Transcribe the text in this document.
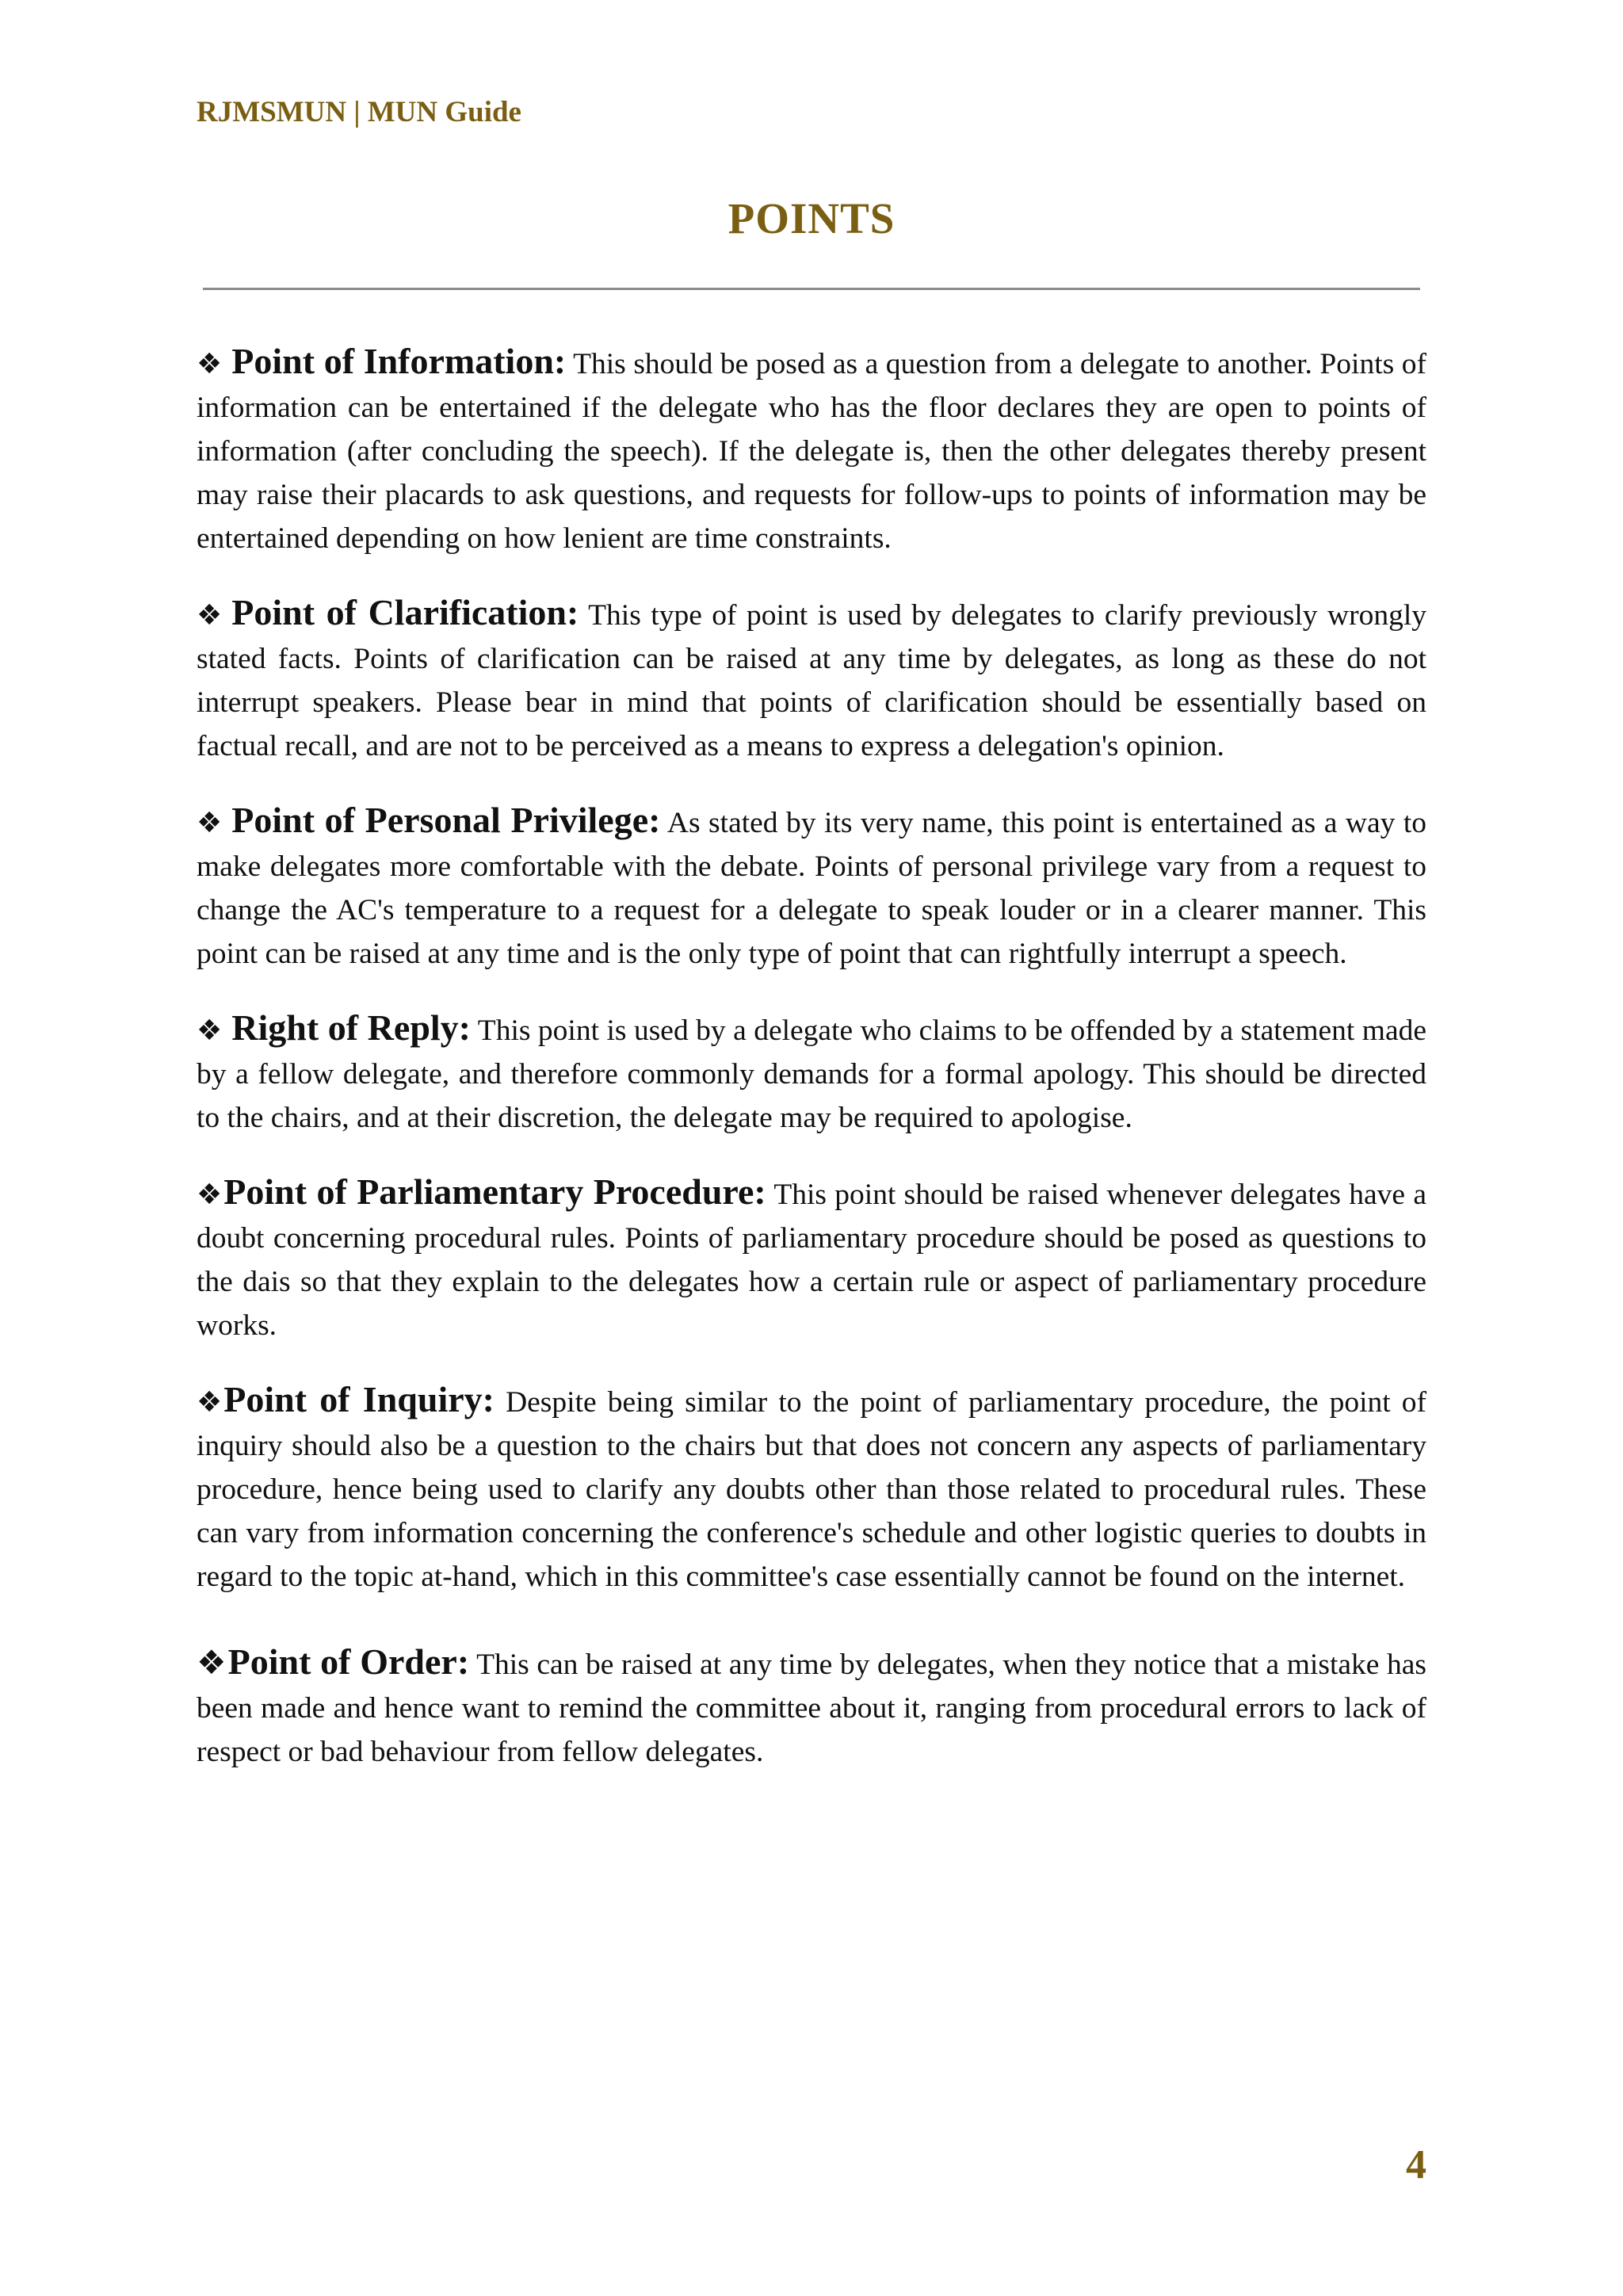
RJMSMUN | MUN Guide

POINTS

❖ Point of Information: This should be posed as a question from a delegate to another. Points of information can be entertained if the delegate who has the floor declares they are open to points of information (after concluding the speech). If the delegate is, then the other delegates thereby present may raise their placards to ask questions, and requests for follow-ups to points of information may be entertained depending on how lenient are time constraints.

❖ Point of Clarification: This type of point is used by delegates to clarify previously wrongly stated facts. Points of clarification can be raised at any time by delegates, as long as these do not interrupt speakers. Please bear in mind that points of clarification should be essentially based on factual recall, and are not to be perceived as a means to express a delegation's opinion.

❖ Point of Personal Privilege: As stated by its very name, this point is entertained as a way to make delegates more comfortable with the debate. Points of personal privilege vary from a request to change the AC's temperature to a request for a delegate to speak louder or in a clearer manner. This point can be raised at any time and is the only type of point that can rightfully interrupt a speech.

❖ Right of Reply: This point is used by a delegate who claims to be offended by a statement made by a fellow delegate, and therefore commonly demands for a formal apology. This should be directed to the chairs, and at their discretion, the delegate may be required to apologise.

❖Point of Parliamentary Procedure: This point should be raised whenever delegates have a doubt concerning procedural rules. Points of parliamentary procedure should be posed as questions to the dais so that they explain to the delegates how a certain rule or aspect of parliamentary procedure works.

❖Point of Inquiry: Despite being similar to the point of parliamentary procedure, the point of inquiry should also be a question to the chairs but that does not concern any aspects of parliamentary procedure, hence being used to clarify any doubts other than those related to procedural rules. These can vary from information concerning the conference's schedule and other logistic queries to doubts in regard to the topic at-hand, which in this committee's case essentially cannot be found on the internet.

❖Point of Order: This can be raised at any time by delegates, when they notice that a mistake has been made and hence want to remind the committee about it, ranging from procedural errors to lack of respect or bad behaviour from fellow delegates.

4
